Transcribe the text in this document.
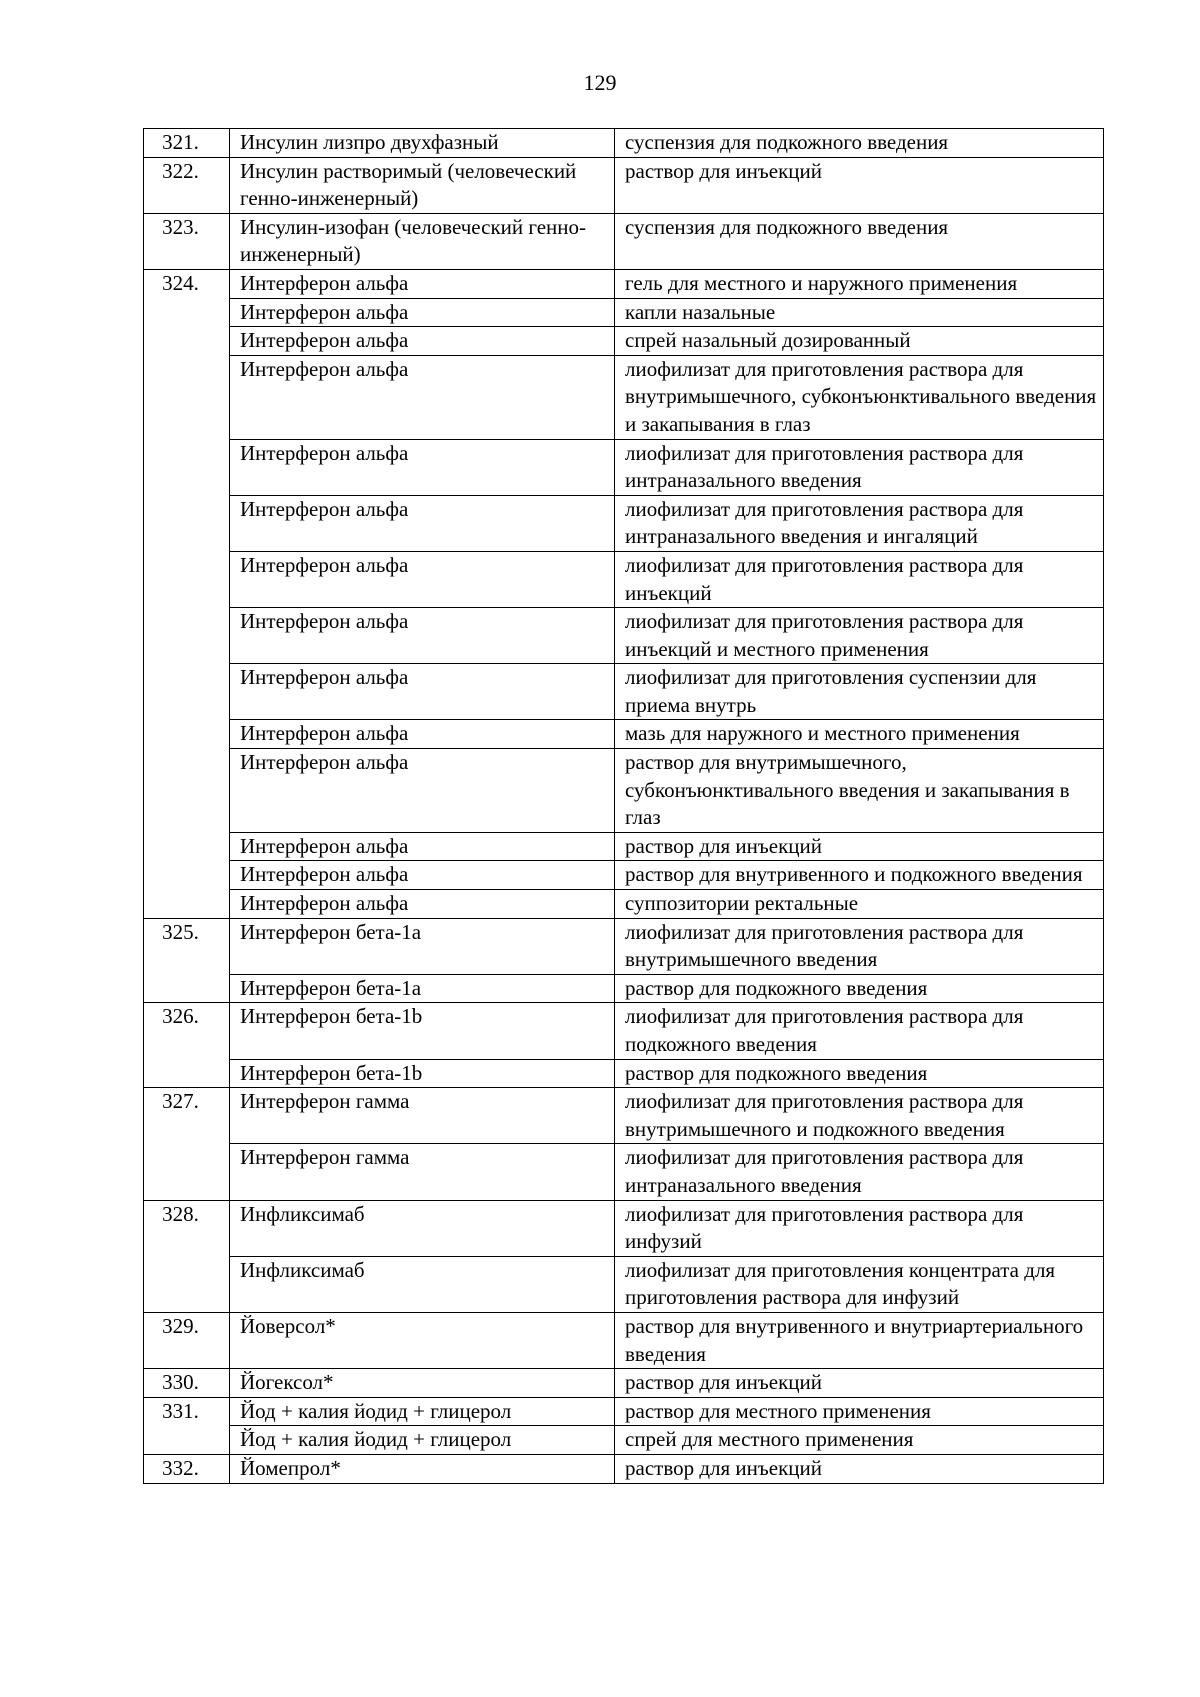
129
321.	Инсулин лизпро двухфазный	суспензия для подкожного введения
322.	Инсулин растворимый (человеческий генно-инженерный)	раствор для инъекций
323.	Инсулин-изофан (человеческий генно-инженерный)	суспензия для подкожного введения
324.	Интерферон альфа	гель для местного и наружного применения
	Интерферон альфа	капли назальные
	Интерферон альфа	спрей назальный дозированный
	Интерферон альфа	лиофилизат для приготовления раствора для внутримышечного, субконъюнктивального введения и закапывания в глаз
	Интерферон альфа	лиофилизат для приготовления раствора для интраназального введения
	Интерферон альфа	лиофилизат для приготовления раствора для интраназального введения и ингаляций
	Интерферон альфа	лиофилизат для приготовления раствора для инъекций
	Интерферон альфа	лиофилизат для приготовления раствора для инъекций и местного применения
	Интерферон альфа	лиофилизат для приготовления суспензии для приема внутрь
	Интерферон альфа	мазь для наружного и местного применения
	Интерферон альфа	раствор для внутримышечного, субконъюнктивального введения и закапывания в глаз
	Интерферон альфа	раствор для инъекций
	Интерферон альфа	раствор для внутривенного и подкожного введения
	Интерферон альфа	суппозитории ректальные
325.	Интерферон бета-1a	лиофилизат для приготовления раствора для внутримышечного введения
	Интерферон бета-1a	раствор для подкожного введения
326.	Интерферон бета-1b	лиофилизат для приготовления раствора для подкожного введения
	Интерферон бета-1b	раствор для подкожного введения
327.	Интерферон гамма	лиофилизат для приготовления раствора для внутримышечного и подкожного введения
	Интерферон гамма	лиофилизат для приготовления раствора для интраназального введения
328.	Инфликсимаб	лиофилизат для приготовления раствора для инфузий
	Инфликсимаб	лиофилизат для приготовления концентрата для приготовления раствора для инфузий
329.	Йоверсол*	раствор для внутривенного и внутриартериального введения
330.	Йогексол*	раствор для инъекций
331.	Йод + калия йодид + глицерол	раствор для местного применения
	Йод + калия йодид + глицерол	спрей для местного применения
332.	Йомепрол*	раствор для инъекций
